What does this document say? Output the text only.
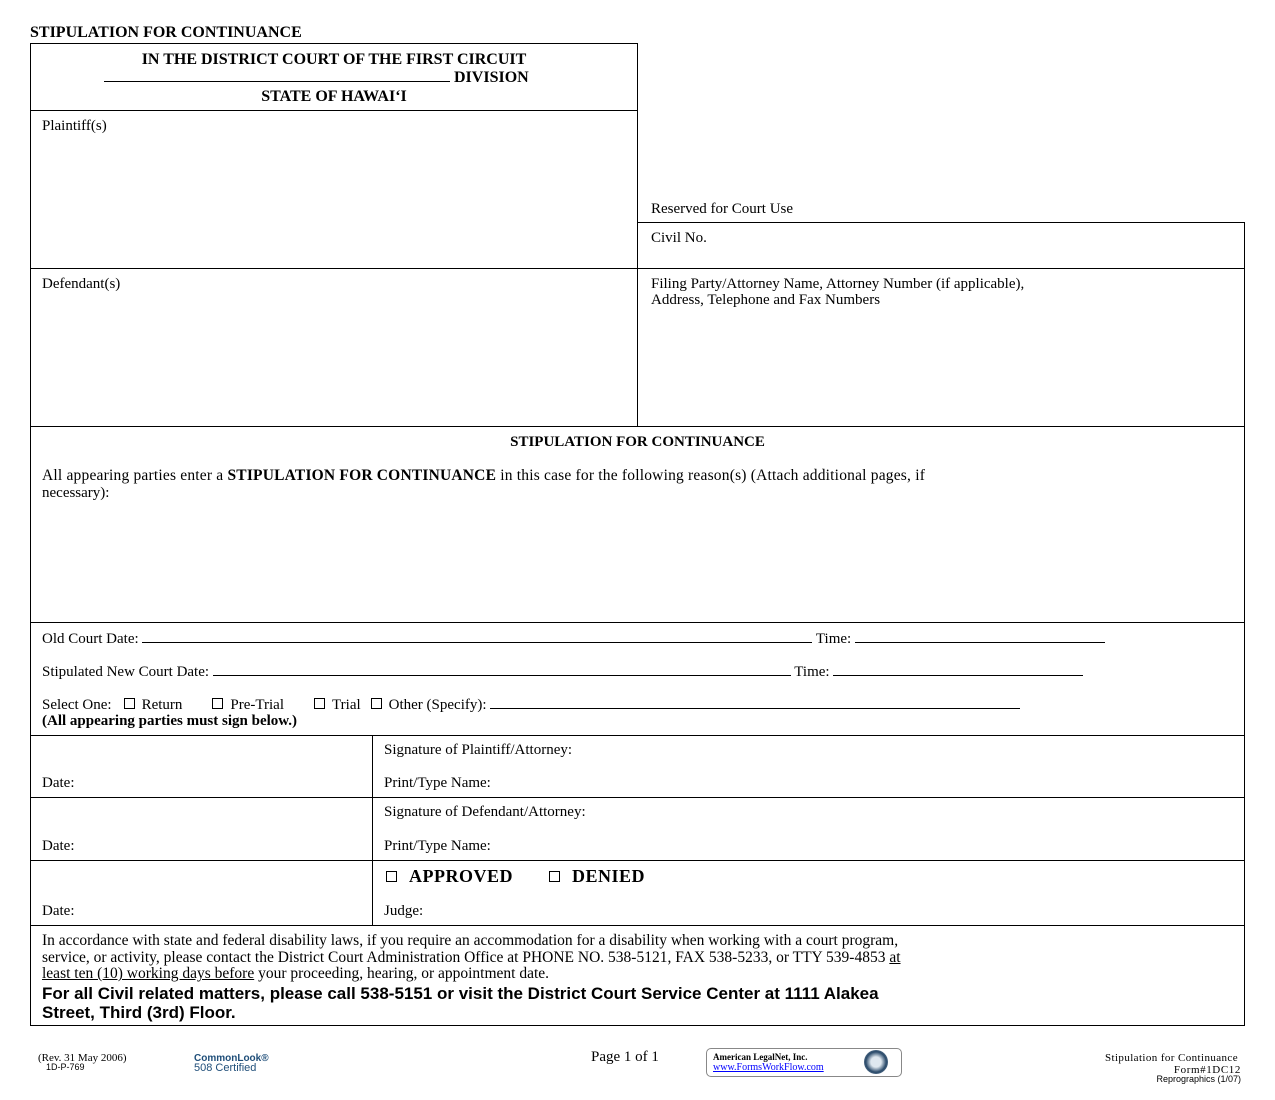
STIPULATION FOR CONTINUANCE
IN THE DISTRICT COURT OF THE FIRST CIRCUIT
DIVISION
STATE OF HAWAI‘I
Plaintiff(s)
Defendant(s)
Reserved for Court Use
Civil No.
Filing Party/Attorney Name, Attorney Number (if applicable),
Address, Telephone and Fax Numbers
STIPULATION FOR CONTINUANCE
All appearing parties enter a STIPULATION FOR CONTINUANCE in this case for the following reason(s) (Attach additional pages, if
necessary):
Old Court Date:	Time:
Stipulated New Court Date:	Time:
Select One: Return	Pre-Trial	Trial Other (Specify):
(All appearing parties must sign below.)
Signature of Plaintiff/Attorney:
Date:	Print/Type Name:
Signature of Defendant/Attorney:
Date:	Print/Type Name:
APPROVED	DENIED
Date:	Judge:
In accordance with state and federal disability laws, if you require an accommodation for a disability when working with a court program,
service, or activity, please contact the District Court Administration Office at PHONE NO. 538-5121, FAX 538-5233, or TTY 539-4853 at
least ten (10) working days before your proceeding, hearing, or appointment date.
For all Civil related matters, please call 538-5151 or visit the District Court Service Center at 1111 Alakea
Street, Third (3rd) Floor.
(Rev. 31 May 2006)
1D-P-769
CommonLook®
508 Certified
Page 1 of 1	American LegalNet, Inc.
www.FormsWorkFlow.com
Stipulation for Continuance
Form#1DC12
Reprographics (1/07)
